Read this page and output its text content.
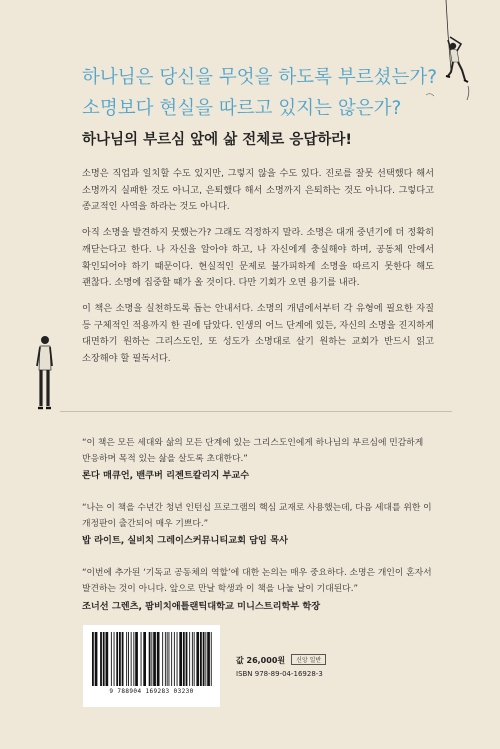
하나님은 당신을 무엇을 하도록 부르셨는가?
소명보다 현실을 따르고 있지는 않은가?
하나님의 부르심 앞에 삶 전체로 응답하라!

소명은 직업과 일치할 수도 있지만, 그렇지 않을 수도 있다. 진로를 잘못 선택했다 해서 소명까지 실패한 것도 아니고, 은퇴했다 해서 소명까지 은퇴하는 것도 아니다. 그렇다고 종교적인 사역을 하라는 것도 아니다.

아직 소명을 발견하지 못했는가? 그래도 걱정하지 말라. 소명은 대개 중년기에 더 정확히 깨닫는다고 한다. 나 자신을 알아야 하고, 나 자신에게 충실해야 하며, 공동체 안에서 확인되어야 하기 때문이다. 현실적인 문제로 불가피하게 소명을 따르지 못한다 해도 괜찮다. 소명에 집중할 때가 올 것이다. 다만 기회가 오면 용기를 내라.

이 책은 소명을 실천하도록 돕는 안내서다. 소명의 개념에서부터 각 유형에 필요한 자질 등 구체적인 적용까지 한 권에 담았다. 인생의 어느 단계에 있든, 자신의 소명을 진지하게 대면하기 원하는 그리스도인, 또 성도가 소명대로 살기 원하는 교회가 반드시 읽고 소장해야 할 필독서다.

“이 책은 모든 세대와 삶의 모든 단계에 있는 그리스도인에게 하나님의 부르심에 민감하게 반응하며 목적 있는 삶을 살도록 초대한다.”
론다 매큐언, 밴쿠버 리젠트칼리지 부교수
“나는 이 책을 수년간 청년 인턴십 프로그램의 핵심 교재로 사용했는데, 다음 세대를 위한 이 개정판이 출간되어 매우 기쁘다.”
밥 라이트, 실비치 그레이스커뮤니티교회 담임 목사
“이번에 추가된 ‘기독교 공동체의 역할’에 대한 논의는 매우 중요하다. 소명은 개인이 혼자서 발견하는 것이 아니다. 앞으로 만날 학생과 이 책을 나눌 날이 기대된다.”
조너선 그렌츠, 팜비치애틀랜틱대학교 미니스트리학부 학장
9 788904 169283 03230
값 26,000원 신앙 일반
ISBN 978-89-04-16928-3
